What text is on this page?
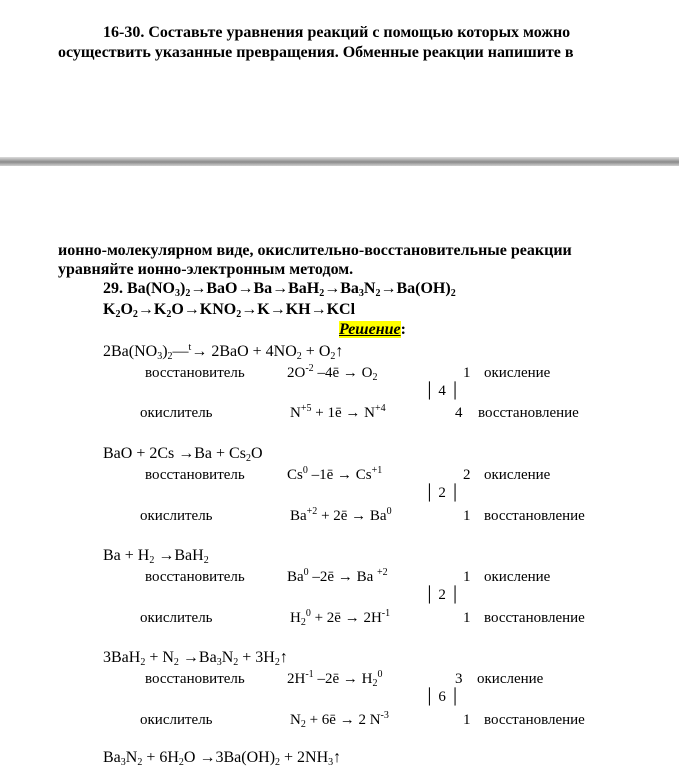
16-30. Составьте уравнения реакций с помощью которых можно
осуществить указанные превращения. Обменные реакции напишите в
ионно-молекулярном виде, окислительно-восстановительные реакции
уравняйте ионно-электронным методом.
29. $Ba(NO_3)_2\to BaO\to Ba\to BaH_2\to Ba_3N_2\to Ba(OH)_2$
$K_2O_2\to K_2O\to KNO_2\to K\to KH\to KCl$
Решение:
$2Ba(NO_3)_2—^t\to 2BaO + 4NO_2$ + $O_2↑$
восстановитель	$2O^{-2}$ –4ē → $O_2$	1 окисление
│ 4 │
окислитель	$N^{+5}$ + 1ē → $N^{+4}$	4 восстановление
BaO + $2Cs \to Ba + Cs_2O$
восстановитель	Cs$^0$ –1ē → $Cs^{+1}$	2 окисление
│ 2 │
окислитель	$Ba^{+2}$ + 2ē → $Ba^0$	1 восстановление
$Ba + H_2 \to BaH_2$
восстановитель	Ba$^0$ –2ē → Ba $^{+2}$	1 окисление
│ 2 │
окислитель	$H_2^0$ + 2ē → $2H^{-1}$	1 восстановление
$3BaH_2 + N_2 \to Ba_3N_2$ + $3H_2↑$
восстановитель	$2H^{-1}$ –2ē → $H_2^0$	3 окисление
│ 6 │
окислитель	$N_2$ + 6ē → 2 $N^{-3}$	1 восстановление
$Ba_3N_2 + 6H_2O \to 3Ba(OH)_2$ + $2NH_3↑$
